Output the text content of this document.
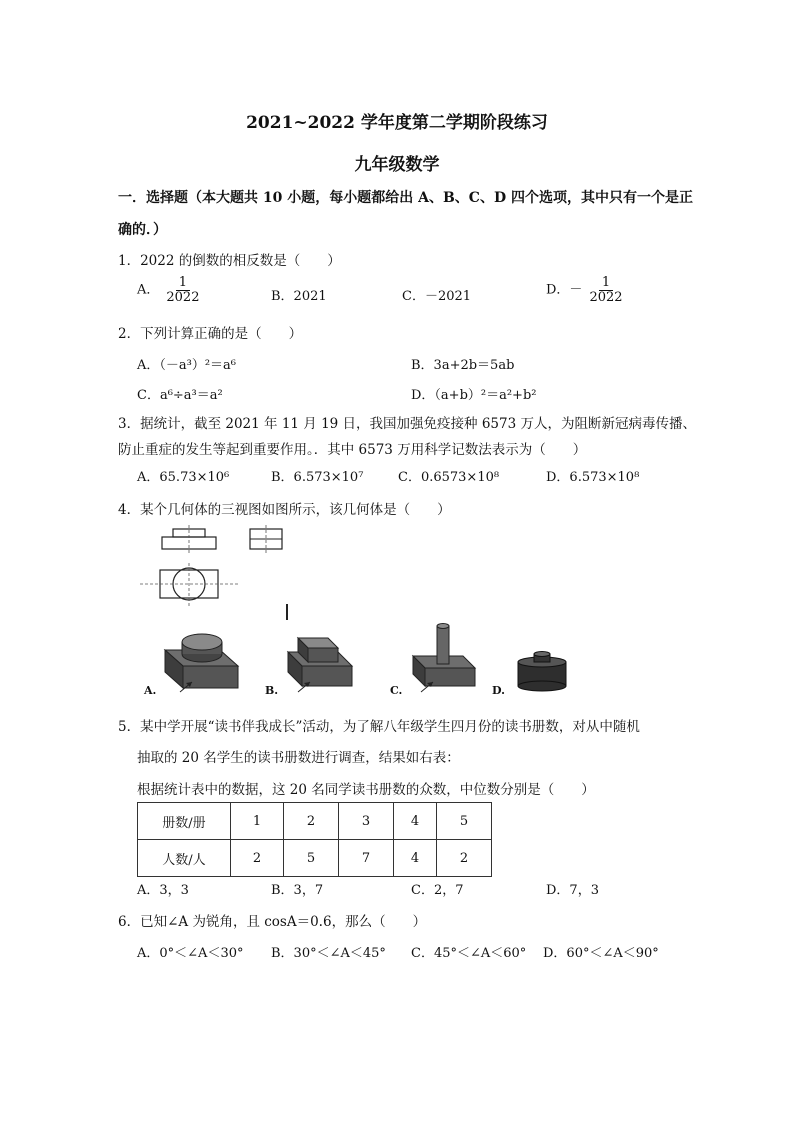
2021~2022 学年度第二学期阶段练习
九年级数学
一．选择题（本大题共 10 小题，每小题都给出 A、B、C、D 四个选项，其中只有一个是正
确的．）
1．2022 的倒数的相反数是（　　）
A． $\frac{1}{2022}$	B．2021	C．－2021	D．－ $\frac{1}{2022}$
2．下列计算正确的是（　　）
A．（－a³）²＝a⁶	B．3a+2b＝5ab
C．a⁶÷a³＝a²	D．（a+b）²＝a²+b²
3．据统计，截至 2021 年 11 月 19 日，我国加强免疫接种 6573 万人，为阻断新冠病毒传播、
防止重症的发生等起到重要作用。．其中 6573 万用科学记数法表示为（　　）
A．65.73×10⁶	B．6.573×10⁷	C．0.6573×10⁸	D．6.573×10⁸
4．某个几何体的三视图如图所示，该几何体是（　　）
A.	B.	C.	D.
5．某中学开展“读书伴我成长”活动，为了解八年级学生四月份的读书册数，对从中随机
抽取的 20 名学生的读书册数进行调查，结果如右表：
根据统计表中的数据，这 20 名同学读书册数的众数，中位数分别是（　　）
册数/册	1	2	3	4	5
人数/人	2	5	7	4	2
A．3，3	B．3，7	C．2，7	D．7，3
6．已知∠A 为锐角，且 cosA＝0.6，那么（　　）
A．0°＜∠A＜30° B．30°＜∠A＜45° C．45°＜∠A＜60° D．60°＜∠A＜90°
